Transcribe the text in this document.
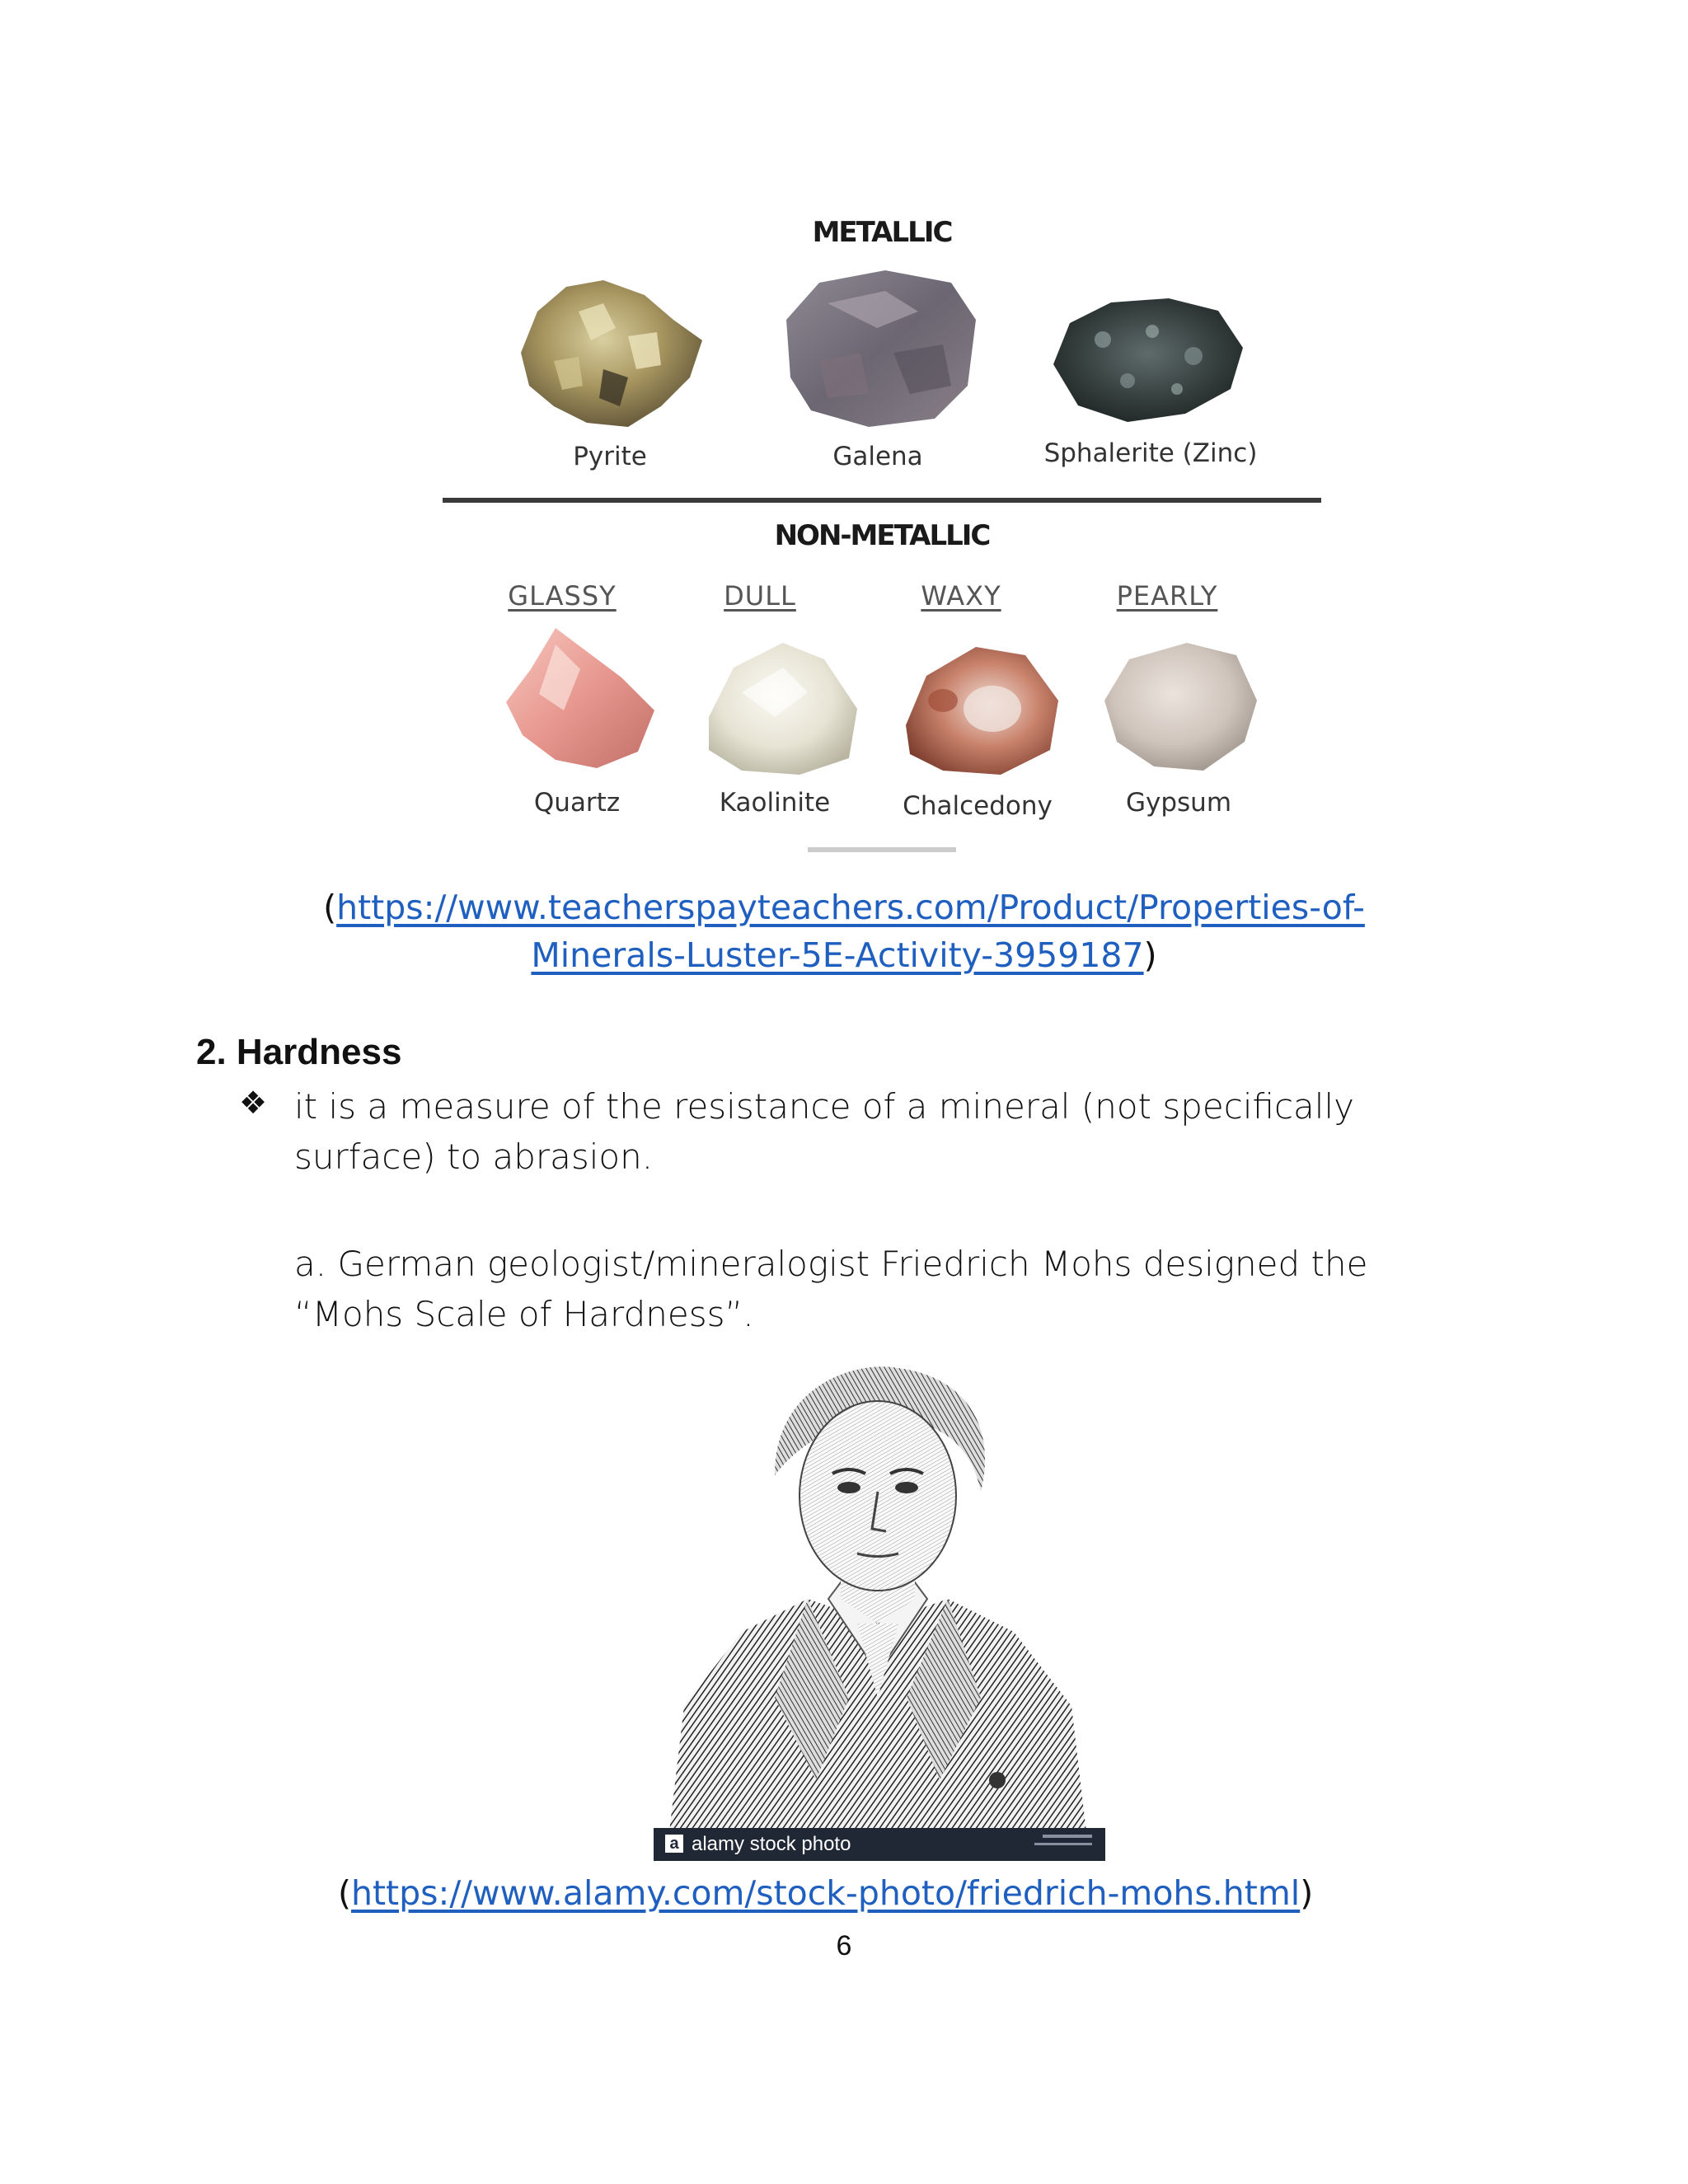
METALLIC
Pyrite	Galena	Sphalerite (Zinc)
NON-METALLIC
GLASSY	DULL	WAXY	PEARLY
Quartz	Kaolinite	Chalcedony	Gypsum
(https://www.teacherspayteachers.com/Product/Properties-of-
Minerals-Luster-5E-Activity-3959187)
2. Hardness
❖ it is a measure of the resistance of a mineral (not specifically
surface) to abrasion.
a. German geologist/mineralogist Friedrich Mohs designed the
“Mohs Scale of Hardness”.
a alamy stock photo
(https://www.alamy.com/stock-photo/friedrich-mohs.html)
6
